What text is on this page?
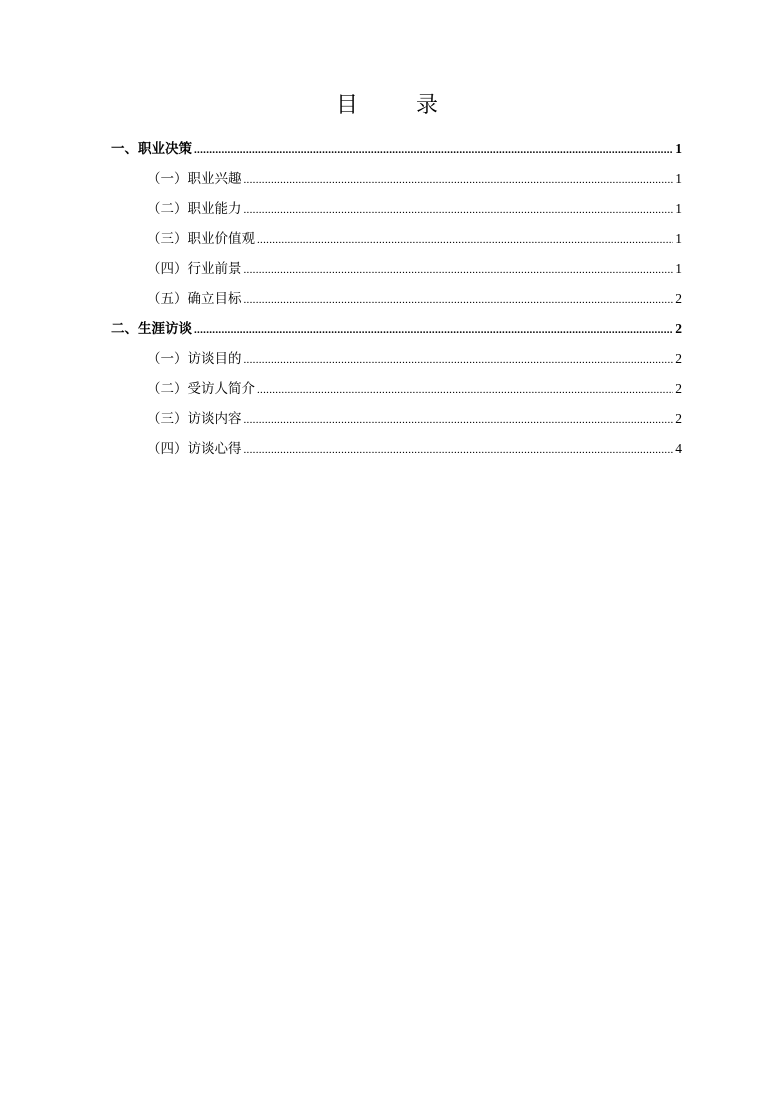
目　录
一、职业决策 .....	1
（一）职业兴趣 .....	1
（二）职业能力 .....	1
（三）职业价值观 .....	1
（四）行业前景 .....	1
（五）确立目标 .....	2
二、生涯访谈 .....	2
（一）访谈目的 .....	2
（二）受访人简介 .....	2
（三）访谈内容 .....	2
（四）访谈心得 .....	4
